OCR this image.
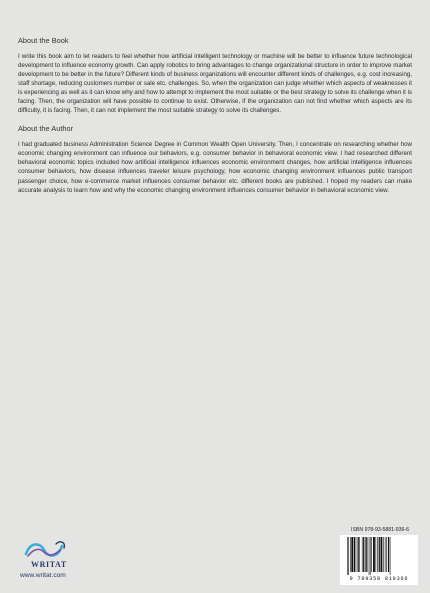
About the Book

I write this book aim to let readers to feel whether how artificial intelligent technology or machine will be better to influence future technological development to influence economy growth. Can apply robotics to bring advantages to change organizational structure in order to improve market development to be better in the future? Different kinds of business organizations will encounter different kinds of challenges, e.g. cost increasing, staff shortage, reducing customers number or sale etc. challenges. So, when the organization can judge whether which aspects of weaknesses it is experiencing as well as it can know why and how to attempt to implement the most suitable or the best strategy to solve its challenge when it is facing. Then, the organization will have possible to continue to exist. Otherwise, if the organization can not find whether which aspects are its difficulty, it is facing. Then, it can not implement the most suitable strategy to solve its challenges.

About the Author

I had graduated business Administration Science Degree in Common Wealth Open University. Then, I concentrate on researching whether how economic changing environment can influence our behaviors, e.g. consumer behavior in behavioral economic view. I had researched different behavioral economic topics included how artificial intelligence influences economic environment changes, how artificial intelligence influences consumer behaviors, how disease influences traveler leisure psychology, how economic changing environment influences public transport passenger choice, how e-commerce market influences consumer behavior etc. different books are published. I hoped my readers can make accurate analysis to learn how and why the economic changing environment influences consumer behavior in behavioral economic view.

WRITAT
www.writat.com
ISBN 978-93-5881-936-6
9 789358 819366
